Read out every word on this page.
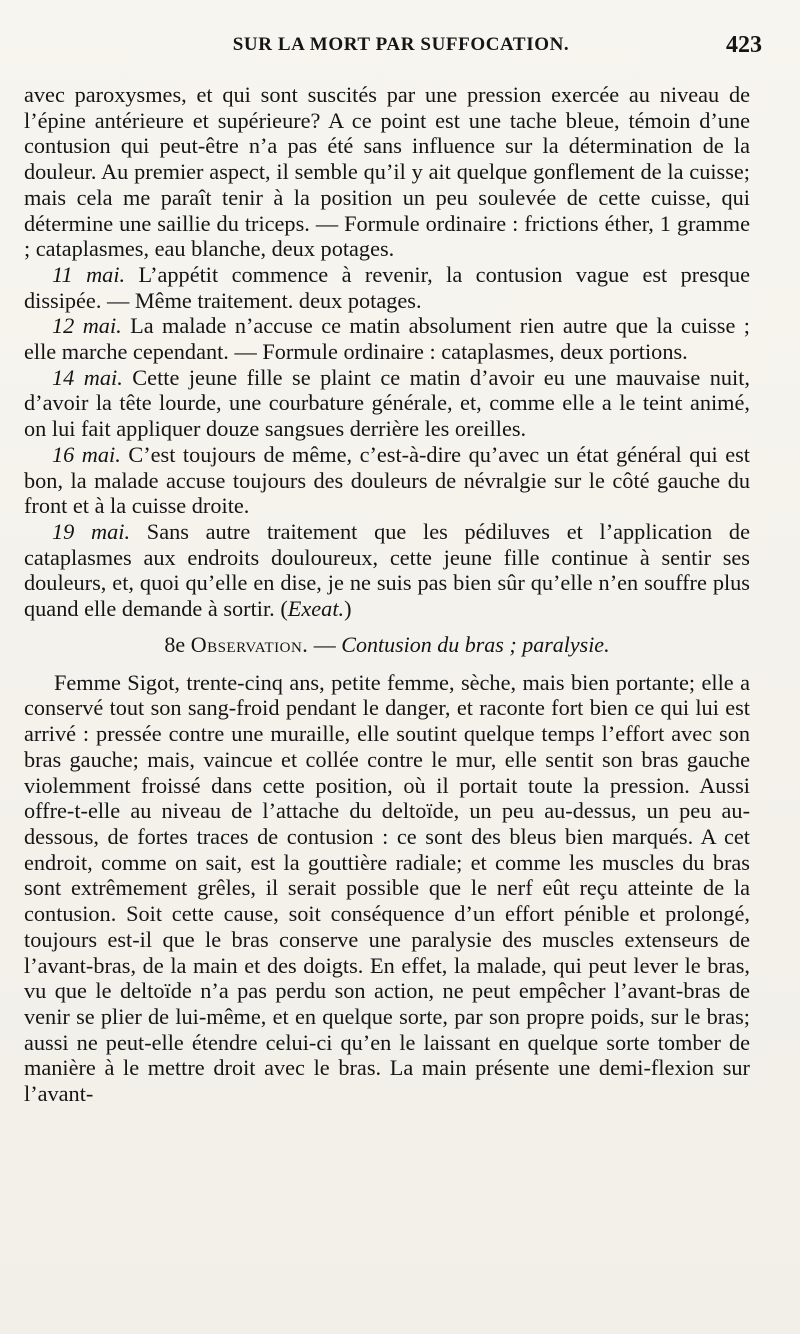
SUR LA MORT PAR SUFFOCATION.	423

avec paroxysmes, et qui sont suscités par une pression exercée au niveau de l’épine antérieure et supérieure? A ce point est une tache bleue, témoin d’une contusion qui peut-être n’a pas été sans influence sur la détermination de la douleur. Au premier aspect, il semble qu’il y ait quelque gonflement de la cuisse; mais cela me paraît tenir à la position un peu soulevée de cette cuisse, qui détermine une saillie du triceps. — Formule ordinaire : frictions éther, 1 gramme ; cataplasmes, eau blanche, deux potages.

11 mai. L’appétit commence à revenir, la contusion vague est presque dissipée. — Même traitement. deux potages.

12 mai. La malade n’accuse ce matin absolument rien autre que la cuisse ; elle marche cependant. — Formule ordinaire : cataplasmes, deux portions.

14 mai. Cette jeune fille se plaint ce matin d’avoir eu une mauvaise nuit, d’avoir la tête lourde, une courbature générale, et, comme elle a le teint animé, on lui fait appliquer douze sangsues derrière les oreilles.

16 mai. C’est toujours de même, c’est-à-dire qu’avec un état général qui est bon, la malade accuse toujours des douleurs de névralgie sur le côté gauche du front et à la cuisse droite.

19 mai. Sans autre traitement que les pédiluves et l’application de cataplasmes aux endroits douloureux, cette jeune fille continue à sentir ses douleurs, et, quoi qu’elle en dise, je ne suis pas bien sûr qu’elle n’en souffre plus quand elle demande à sortir. (Exeat.)

8e Observation. — Contusion du bras ; paralysie.

Femme Sigot, trente-cinq ans, petite femme, sèche, mais bien portante; elle a conservé tout son sang-froid pendant le danger, et raconte fort bien ce qui lui est arrivé : pressée contre une muraille, elle soutint quelque temps l’effort avec son bras gauche; mais, vaincue et collée contre le mur, elle sentit son bras gauche violemment froissé dans cette position, où il portait toute la pression. Aussi offre-t-elle au niveau de l’attache du deltoïde, un peu au-dessus, un peu au-dessous, de fortes traces de contusion : ce sont des bleus bien marqués. A cet endroit, comme on sait, est la gouttière radiale; et comme les muscles du bras sont extrêmement grêles, il serait possible que le nerf eût reçu atteinte de la contusion. Soit cette cause, soit conséquence d’un effort pénible et prolongé, toujours est-il que le bras conserve une paralysie des muscles extenseurs de l’avant-bras, de la main et des doigts. En effet, la malade, qui peut lever le bras, vu que le deltoïde n’a pas perdu son action, ne peut empêcher l’avant-bras de venir se plier de lui-même, et en quelque sorte, par son propre poids, sur le bras; aussi ne peut-elle étendre celui-ci qu’en le laissant en quelque sorte tomber de manière à le mettre droit avec le bras. La main présente une demi-flexion sur l’avant-
